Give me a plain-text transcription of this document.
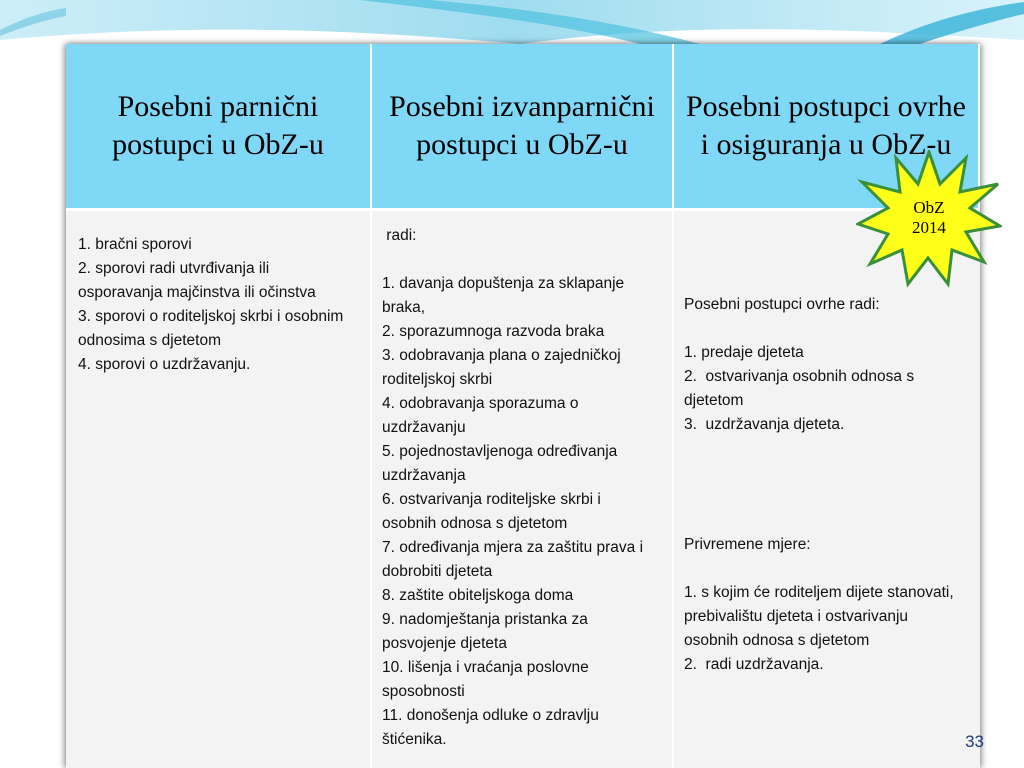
Posebni parnični postupci u ObZ-u
Posebni izvanparnični postupci u ObZ-u
Posebni postupci ovrhe i osiguranja u ObZ-u
1. bračni sporovi
2. sporovi radi utvrđivanja ili
osporavanja majčinstva ili očinstva
3. sporovi o roditeljskoj skrbi i osobnim
odnosima s djetetom
4. sporovi o uzdržavanju.
radi:
1. davanja dopuštenja za sklapanje
braka,
2. sporazumnoga razvoda braka
3. odobravanja plana o zajedničkoj
roditeljskoj skrbi
4. odobravanja sporazuma o
uzdržavanju
5. pojednostavljenoga određivanja
uzdržavanja
6. ostvarivanja roditeljske skrbi i
osobnih odnosa s djetetom
7. određivanja mjera za zaštitu prava i
dobrobiti djeteta
8. zaštite obiteljskoga doma
9. nadomještanja pristanka za
posvojenje djeteta
10. lišenja i vraćanja poslovne
sposobnosti
11. donošenja odluke o zdravlju
štićenika.
Posebni postupci ovrhe radi:
1. predaje djeteta
2.  ostvarivanja osobnih odnosa s
djetetom
3.  uzdržavanja djeteta.
Privremene mjere:
1. s kojim će roditeljem dijete stanovati,
prebivalištu djeteta i ostvarivanju
osobnih odnosa s djetetom
2.  radi uzdržavanja.
ObZ
2014
33
